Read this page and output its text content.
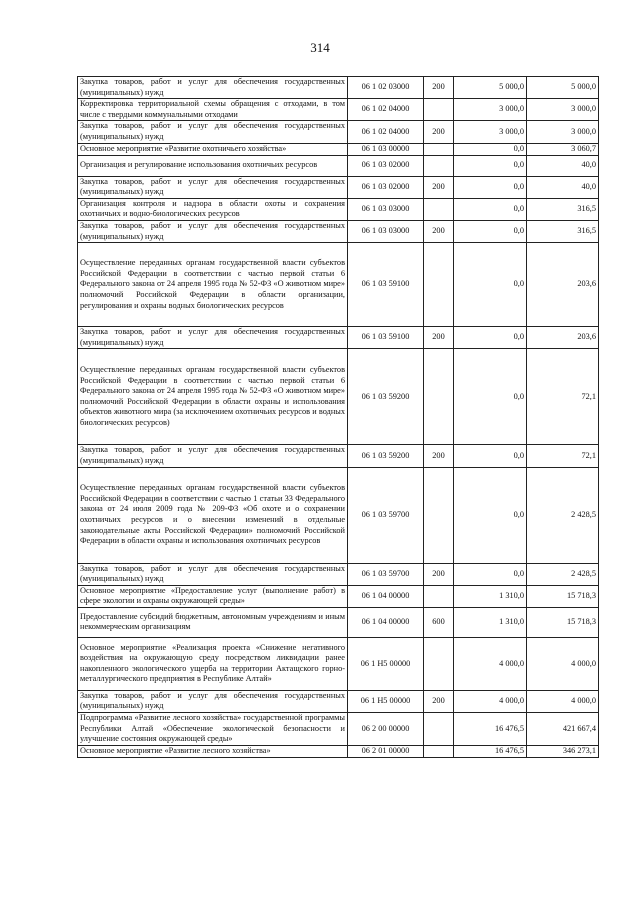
314
Закупка товаров, работ и услуг для обеспечения государственных (муниципальных) нужд	06 1 02 03000	200	5 000,0	5 000,0
Корректировка территориальной схемы обращения с отходами, в том числе с твердыми коммунальными отходами	06 1 02 04000		3 000,0	3 000,0
Закупка товаров, работ и услуг для обеспечения государственных (муниципальных) нужд	06 1 02 04000	200	3 000,0	3 000,0
Основное мероприятие «Развитие охотничьего хозяйства»	06 1 03 00000		0,0	3 060,7
Организация и регулирование использования охотничьих ресурсов	06 1 03 02000		0,0	40,0
Закупка товаров, работ и услуг для обеспечения государственных (муниципальных) нужд	06 1 03 02000	200	0,0	40,0
Организация контроля и надзора в области охоты и сохранения охотничьих и водно-биологических ресурсов	06 1 03 03000		0,0	316,5
Закупка товаров, работ и услуг для обеспечения государственных (муниципальных) нужд	06 1 03 03000	200	0,0	316,5
Осуществление переданных органам государственной власти субъектов Российской Федерации в соответствии с частью первой статьи 6 Федерального закона от 24 апреля 1995 года № 52-ФЗ «О животном мире» полномочий Российской Федерации в области организации, регулирования и охраны водных биологических ресурсов	06 1 03 59100		0,0	203,6
Закупка товаров, работ и услуг для обеспечения государственных (муниципальных) нужд	06 1 03 59100	200	0,0	203,6
Осуществление переданных органам государственной власти субъектов Российской Федерации в соответствии с частью первой статьи 6 Федерального закона от 24 апреля 1995 года № 52-ФЗ «О животном мире» полномочий Российской Федерации в области охраны и использования объектов животного мира (за исключением охотничьих ресурсов и водных биологических ресурсов)	06 1 03 59200		0,0	72,1
Закупка товаров, работ и услуг для обеспечения государственных (муниципальных) нужд	06 1 03 59200	200	0,0	72,1
Осуществление переданных органам государственной власти субъектов Российской Федерации в соответствии с частью 1 статьи 33 Федерального закона от 24 июля 2009 года № 209-ФЗ «Об охоте и о сохранении охотничьих ресурсов и о внесении изменений в отдельные законодательные акты Российской Федерации» полномочий Российской Федерации в области охраны и использования охотничьих ресурсов	06 1 03 59700		0,0	2 428,5
Закупка товаров, работ и услуг для обеспечения государственных (муниципальных) нужд	06 1 03 59700	200	0,0	2 428,5
Основное мероприятие «Предоставление услуг (выполнение работ) в сфере экологии и охраны окружающей среды»	06 1 04 00000		1 310,0	15 718,3
Предоставление субсидий бюджетным, автономным учреждениям и иным некоммерческим организациям	06 1 04 00000	600	1 310,0	15 718,3
Основное мероприятие «Реализация проекта «Снижение негативного воздействия на окружающую среду посредством ликвидации ранее накопленного экологического ущерба на территории Актащского горно-металлургического предприятия в Республике Алтай»	06 1 Н5 00000		4 000,0	4 000,0
Закупка товаров, работ и услуг для обеспечения государственных (муниципальных) нужд	06 1 Н5 00000	200	4 000,0	4 000,0
Подпрограмма «Развитие лесного хозяйства» государственной программы Республики Алтай «Обеспечение экологической безопасности и улучшение состояния окружающей среды»	06 2 00 00000		16 476,5	421 667,4
Основное мероприятие «Развитие лесного хозяйства»	06 2 01 00000		16 476,5	346 273,1
